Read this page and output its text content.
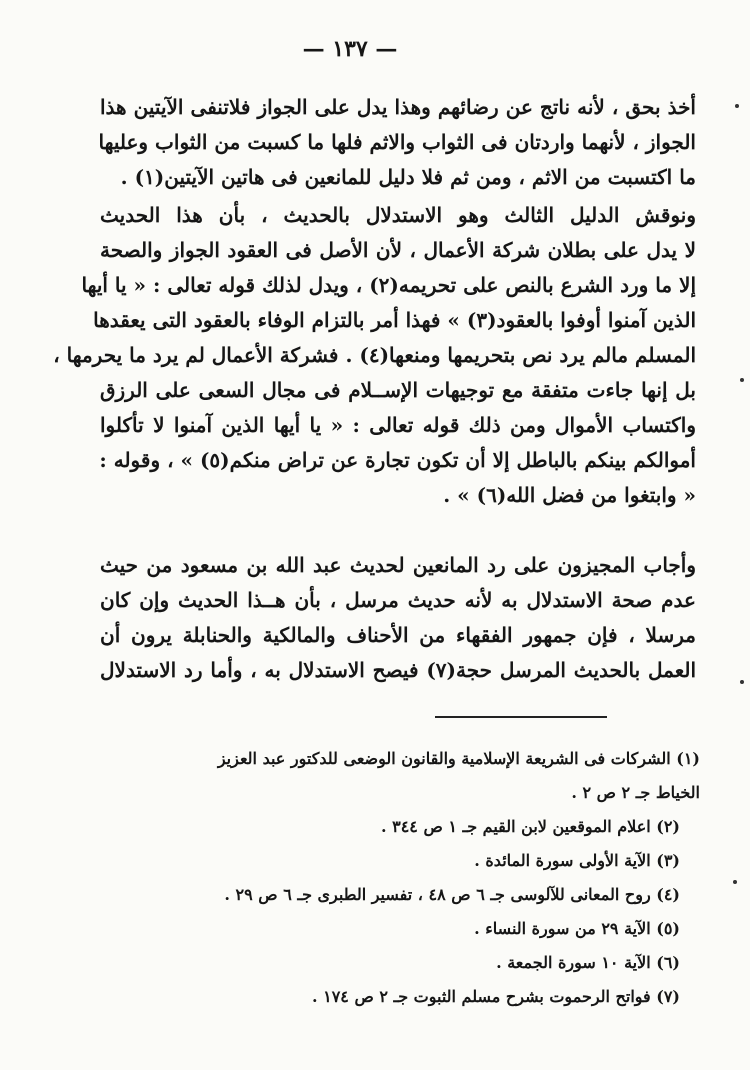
— ١٣٧ —
أخذ بحق ، لأنه ناتج عن رضائهم وهذا يدل على الجواز فلاتنفى الآيتين هذا
الجواز ، لأنهما واردتان فى الثواب والاثم فلها ما كسبت من الثواب وعليها
ما اكتسبت من الاثم ، ومن ثم فلا دليل للمانعين فى هاتين الآيتين(١) .
ونوقش الدليل الثالث وهو الاستدلال بالحديث ، بأن هذا الحديث
لا يدل على بطلان شركة الأعمال ، لأن الأصل فى العقود الجواز والصحة
إلا ما ورد الشرع بالنص على تحريمه(٢) ، ويدل لذلك قوله تعالى : « يا أيها
الذين آمنوا أوفوا بالعقود(٣) » فهذا أمر بالتزام الوفاء بالعقود التى يعقدها
المسلم مالم يرد نص بتحريمها ومنعها(٤) . فشركة الأعمال لم يرد ما يحرمها ،
بل إنها جاءت متفقة مع توجيهات الإســلام فى مجال السعى على الرزق
واكتساب الأموال ومن ذلك قوله تعالى : « يا أيها الذين آمنوا لا تأكلوا
أموالكم بينكم بالباطل إلا أن تكون تجارة عن تراض منكم(٥) » ، وقوله :
« وابتغوا من فضل الله(٦) » .
وأجاب المجيزون على رد المانعين لحديث عبد الله بن مسعود من حيث
عدم صحة الاستدلال به لأنه حديث مرسل ، بأن هــذا الحديث وإن كان
مرسلا ، فإن جمهور الفقهاء من الأحناف والمالكية والحنابلة يرون أن
العمل بالحديث المرسل حجة(٧) فيصح الاستدلال به ، وأما رد الاستدلال
(١) الشركات فى الشريعة الإسلامية والقانون الوضعى للدكتور عبد العزيز
الخياط جـ ٢ ص ٢ .
(٢) اعلام الموقعين لابن القيم جـ ١ ص ٣٤٤ .
(٣) الآية الأولى سورة المائدة .
(٤) روح المعانى للآلوسى جـ ٦ ص ٤٨ ، تفسير الطبرى جـ ٦ ص ٢٩ .
(٥) الآية ٢٩ من سورة النساء .
(٦) الآية ١٠ سورة الجمعة .
(٧) فواتح الرحموت بشرح مسلم الثبوت جـ ٢ ص ١٧٤ .
